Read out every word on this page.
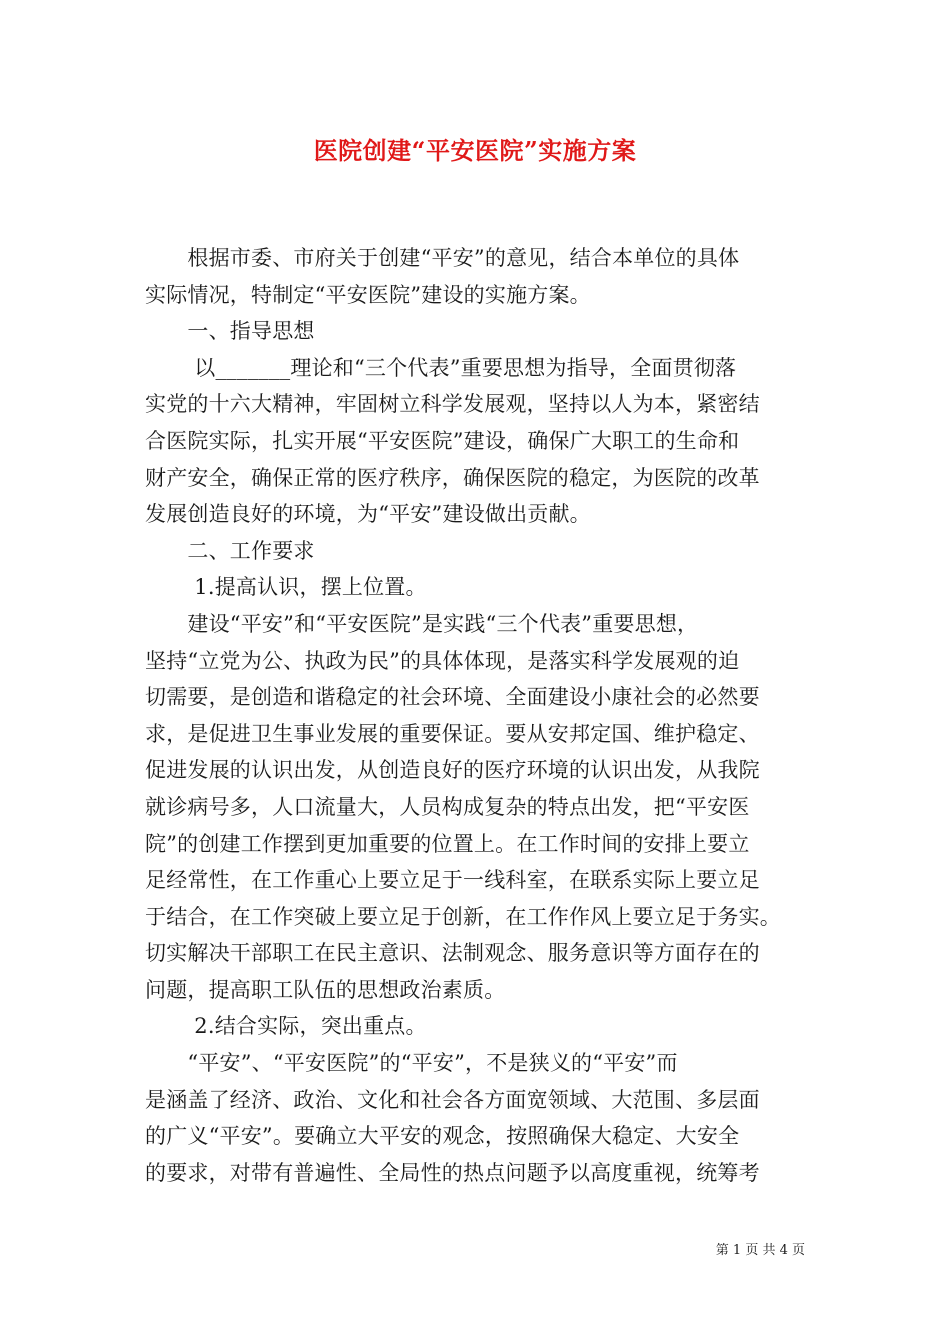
医院创建“平安医院”实施方案
　　根据市委、市府关于创建“平安”的意见，结合本单位的具体
实际情况，特制定“平安医院”建设的实施方案。
　　一、指导思想
　　 以_______理论和“三个代表”重要思想为指导，全面贯彻落
实党的十六大精神，牢固树立科学发展观，坚持以人为本，紧密结
合医院实际，扎实开展“平安医院”建设，确保广大职工的生命和
财产安全，确保正常的医疗秩序，确保医院的稳定，为医院的改革
发展创造良好的环境，为“平安”建设做出贡献。
　　二、工作要求
　　 1.提高认识，摆上位置。
　　建设“平安”和“平安医院”是实践“三个代表”重要思想，
坚持“立党为公、执政为民”的具体体现，是落实科学发展观的迫
切需要，是创造和谐稳定的社会环境、全面建设小康社会的必然要
求，是促进卫生事业发展的重要保证。要从安邦定国、维护稳定、
促进发展的认识出发，从创造良好的医疗环境的认识出发，从我院
就诊病号多，人口流量大，人员构成复杂的特点出发，把“平安医
院”的创建工作摆到更加重要的位置上。在工作时间的安排上要立
足经常性，在工作重心上要立足于一线科室，在联系实际上要立足
于结合，在工作突破上要立足于创新，在工作作风上要立足于务实。
切实解决干部职工在民主意识、法制观念、服务意识等方面存在的
问题，提高职工队伍的思想政治素质。
　　 2.结合实际，突出重点。
　　“平安”、“平安医院”的“平安”，不是狭义的“平安”而
是涵盖了经济、政治、文化和社会各方面宽领域、大范围、多层面
的广义“平安”。要确立大平安的观念，按照确保大稳定、大安全
的要求，对带有普遍性、全局性的热点问题予以高度重视，统筹考
第 1 页 共 4 页
